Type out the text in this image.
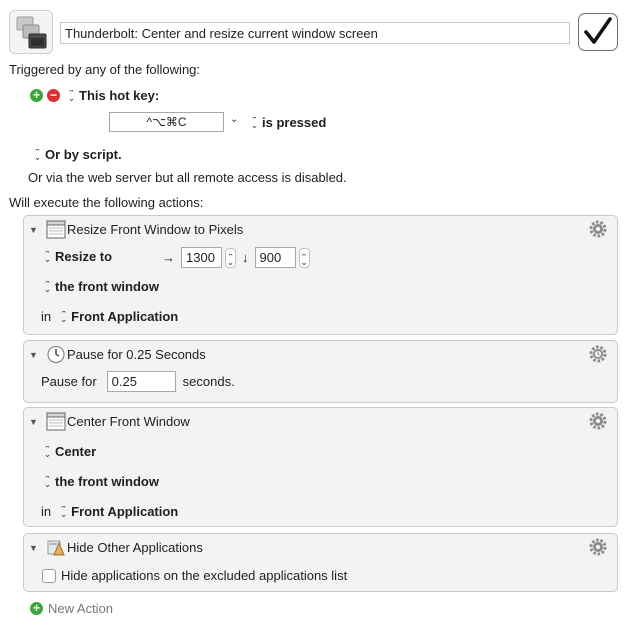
Thunderbolt: Center and resize current window screen
Triggered by any of the following:
+ − ⌃ ⌄ This hot key:
^⌥⌘C	⌄ ⌃ ⌄ is pressed
⌃ ⌄
Or by script.
Or via the web server but all remote access is disabled.
Will execute the following actions:
▼ Resize Front Window to Pixels
⌃ ⌄
Resize to	→ 1300 ⌃ ⌄	↓ 900
⌃ ⌄
⌃ ⌄
the front window
in ⌃ ⌄ Front Application
▼ Pause for 0.25 Seconds
Pause for	0.25	seconds.
▼ Center Front Window
⌃ ⌄
Center
⌃ ⌄
the front window
in ⌃ ⌄ Front Application
▼ Hide Other Applications
Hide applications on the excluded applications list
+ New Action
